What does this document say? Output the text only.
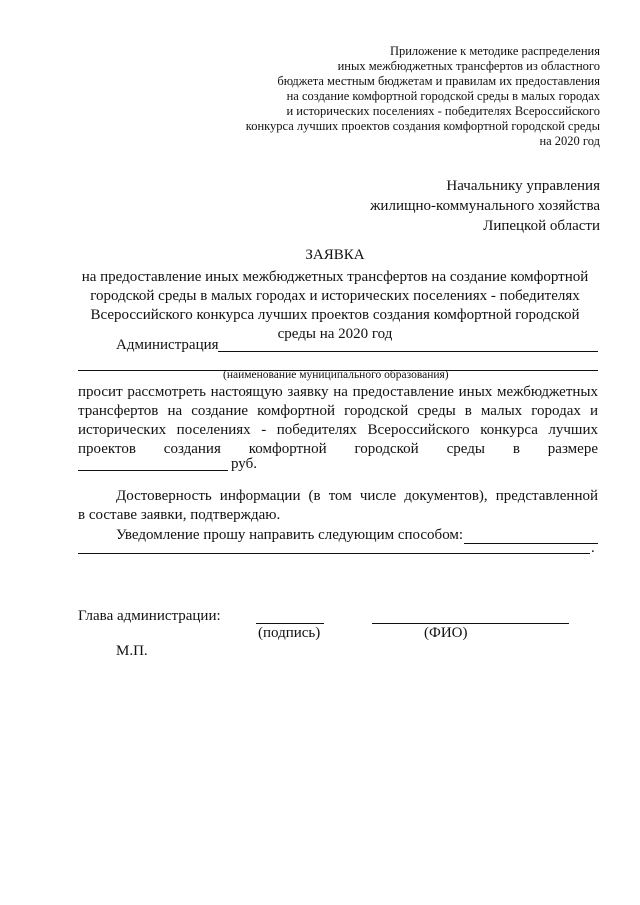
Приложение к методике распределения
иных межбюджетных трансфертов из областного
бюджета местным бюджетам и правилам их предоставления
на создание комфортной городской среды в малых городах
и исторических поселениях - победителях Всероссийского
конкурса лучших проектов создания комфортной городской среды
на 2020 год
Начальнику управления
жилищно-коммунального хозяйства
Липецкой области
ЗАЯВКА
на предоставление иных межбюджетных трансфертов на создание комфортной
городской среды в малых городах и исторических поселениях - победителях
Всероссийского конкурса лучших проектов создания комфортной городской
среды на 2020 год
Администрация
(наименование муниципального образования)
просит рассмотреть настоящую заявку на предоставление иных межбюджетных
трансфертов на создание комфортной городской среды в малых городах и
исторических поселениях - победителях Всероссийского конкурса лучших
проектов создания комфортной городской среды в размере
руб.
Достоверность информации (в том числе документов), представленной
в составе заявки, подтверждаю.
Уведомление прошу направить следующим способом:
.
Глава администрации:
(подпись)	(ФИО)
М.П.
